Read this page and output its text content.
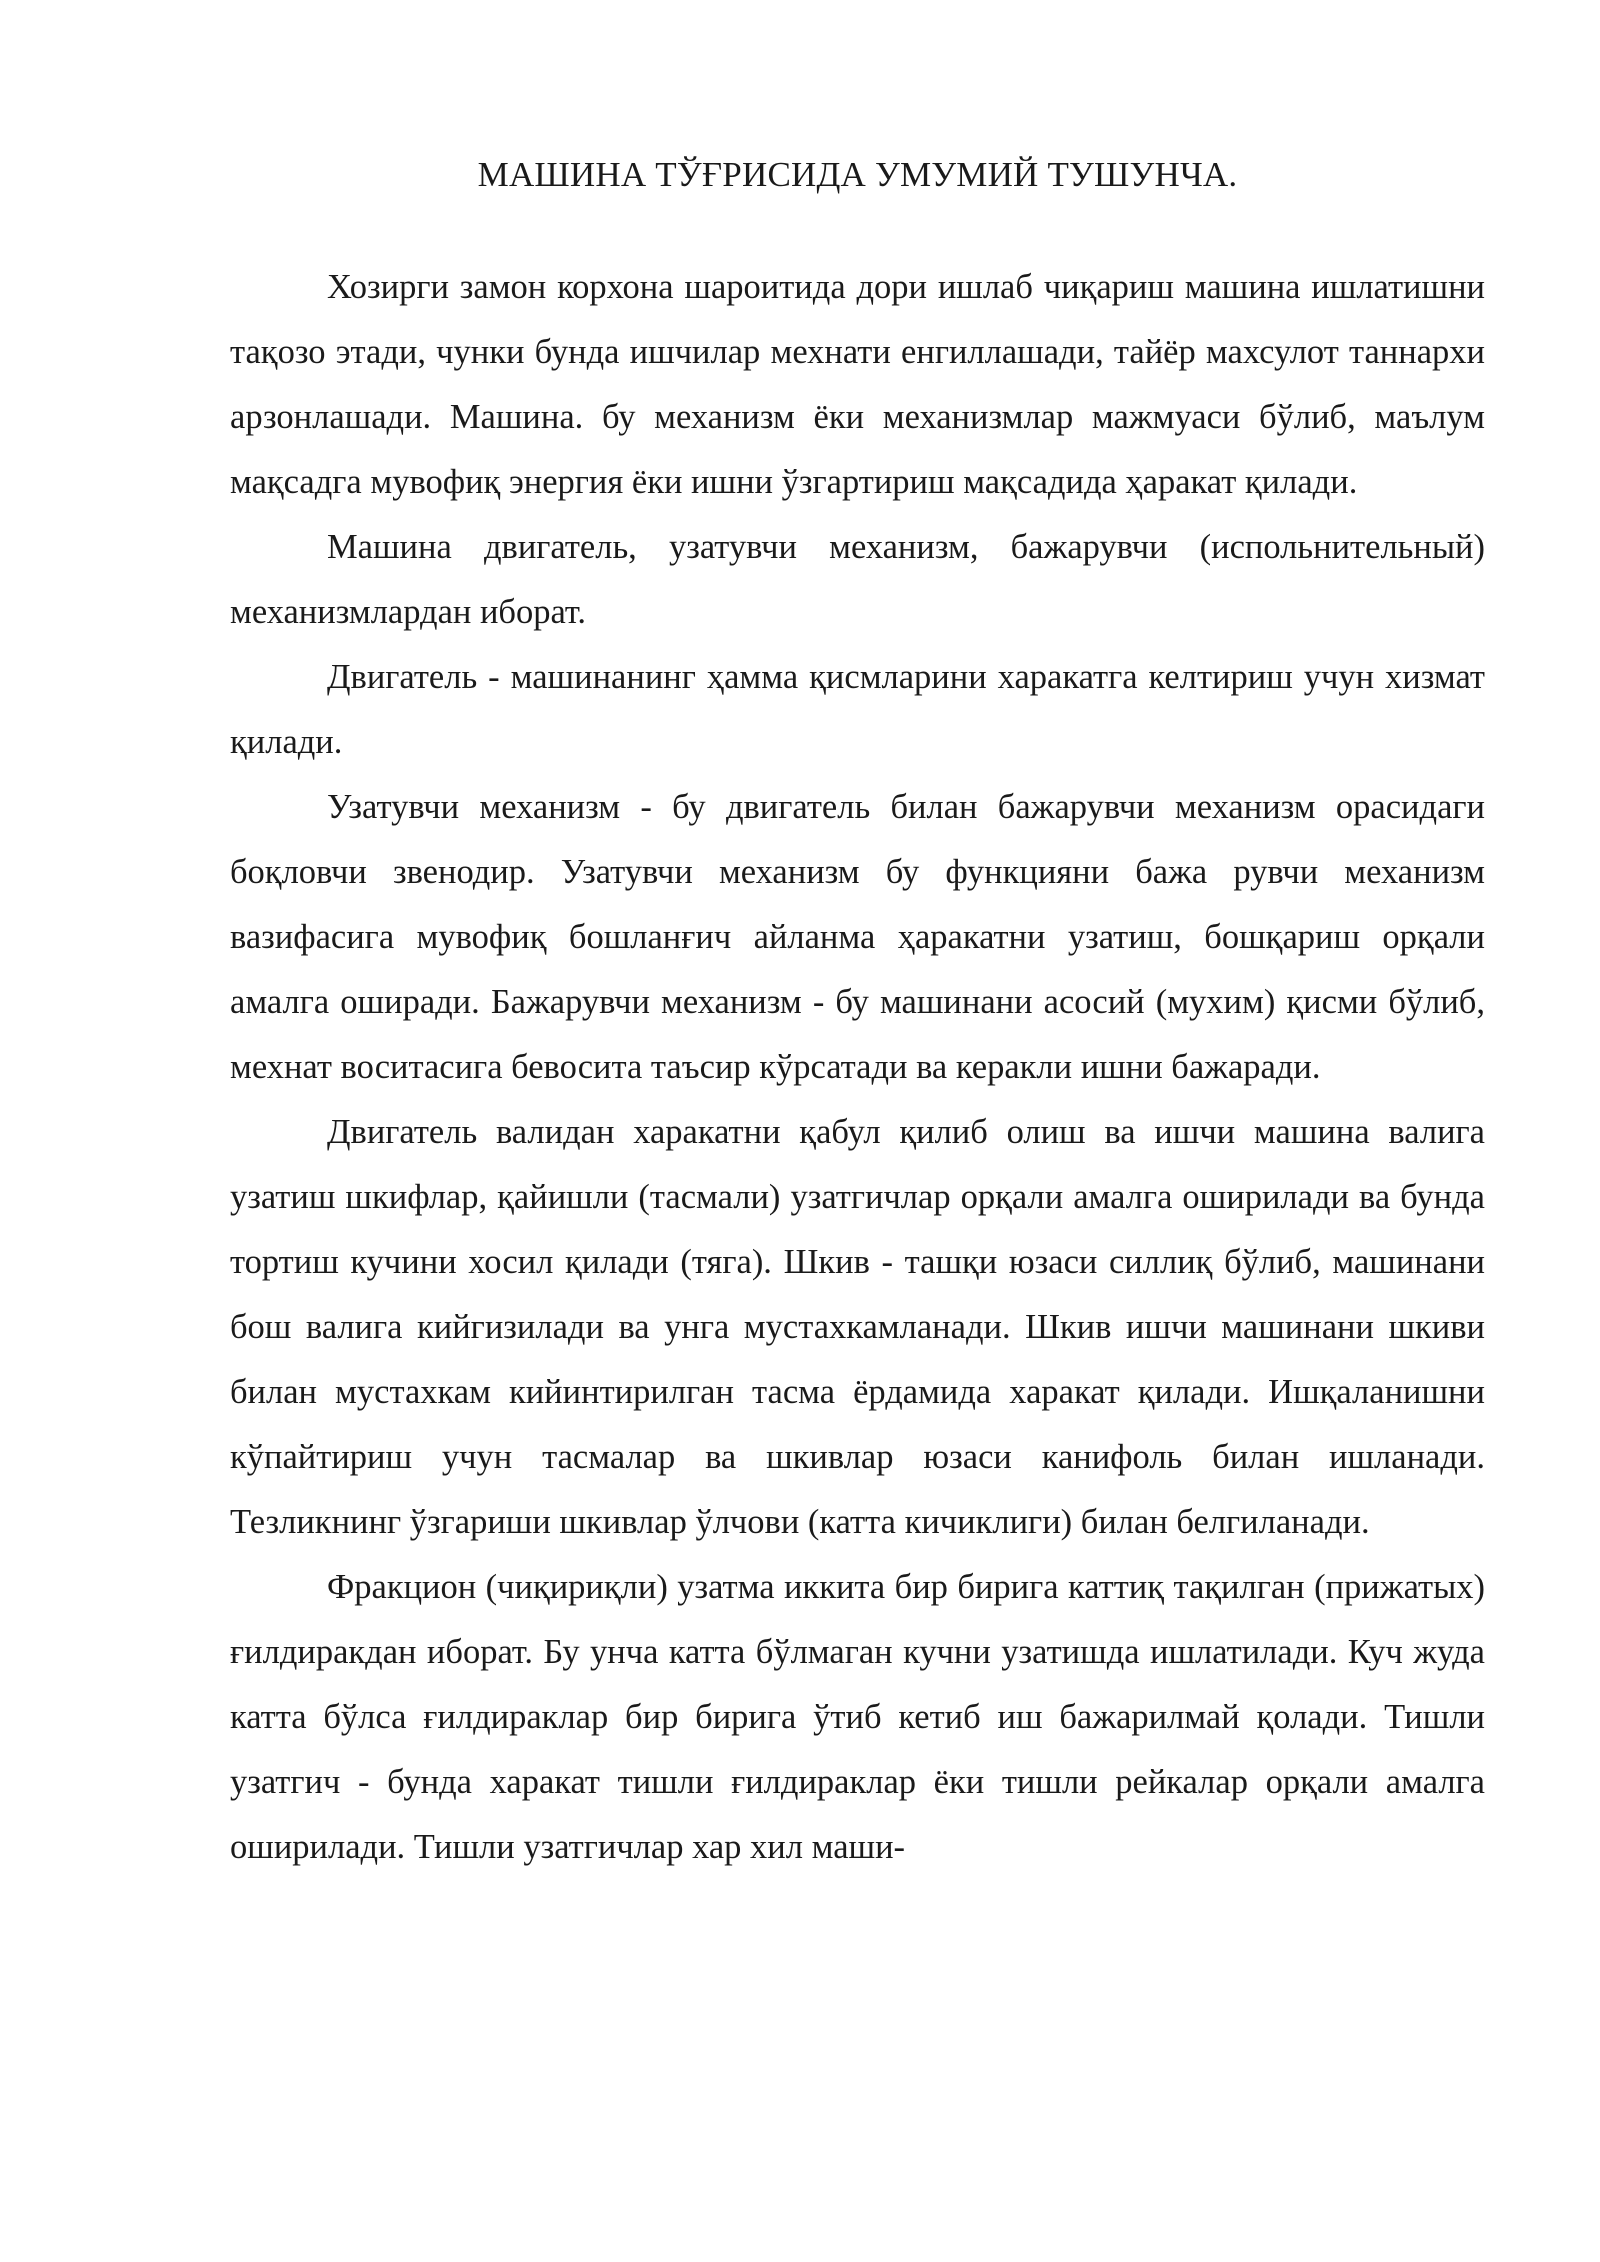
МАШИНА ТЎҒРИСИДА УМУМИЙ ТУШУНЧА.

Хозирги замон корхона шароитида дори ишлаб чиқариш машина ишлатишни тақозо этади, чунки бунда ишчилар мехнати енгиллашади, тайёр махсулот таннархи арзонлашади. Машина. бу механизм ёки механизмлар мажмуаси бўлиб, маълум мақсадга мувофиқ энергия ёки ишни ўзгартириш мақсадида ҳаракат қилади.

Машина двигатель, узатувчи механизм, бажарувчи (испольнительный) механизмлардан иборат.

Двигатель - машинанинг ҳамма қисмларини харакатга келтириш учун хизмат қилади.

Узатувчи механизм - бу двигатель билан бажарувчи механизм орасидаги боқловчи звенодир. Узатувчи механизм бу функцияни бажа рувчи механизм вазифасига мувофиқ бошланғич айланма ҳаракатни узатиш, бошқариш орқали амалга оширади. Бажарувчи механизм - бу машинани асосий (мухим) қисми бўлиб, мехнат воситасига бевосита таъсир кўрсатади ва керакли ишни бажаради.

Двигатель валидан харакатни қабул қилиб олиш ва ишчи машина валига узатиш шкифлар, қайишли (тасмали) узатгичлар орқали амалга оширилади ва бунда тортиш кучини хосил қилади (тяга). Шкив - ташқи юзаси силлиқ бўлиб, машинани бош валига кийгизилади ва унга мустахкамланади. Шкив ишчи машинани шкиви билан мустахкам кийинтирилган тасма ёрдамида харакат қилади. Ишқаланишни кўпайтириш учун тасмалар ва шкивлар юзаси канифоль билан ишланади. Тезликнинг ўзгариши шкивлар ўлчови (катта кичиклиги) билан белгиланади.

Фракцион (чиқириқли) узатма иккита бир бирига каттиқ тақилган (прижатых) ғилдиракдан иборат. Бу унча катта бўлмаган кучни узатишда ишлатилади. Куч жуда катта бўлса ғилдираклар бир бирига ўтиб кетиб иш бажарилмай қолади. Тишли узатгич - бунда харакат тишли ғилдираклар ёки тишли рейкалар орқали амалга оширилади. Тишли узатгичлар хар хил маши-
